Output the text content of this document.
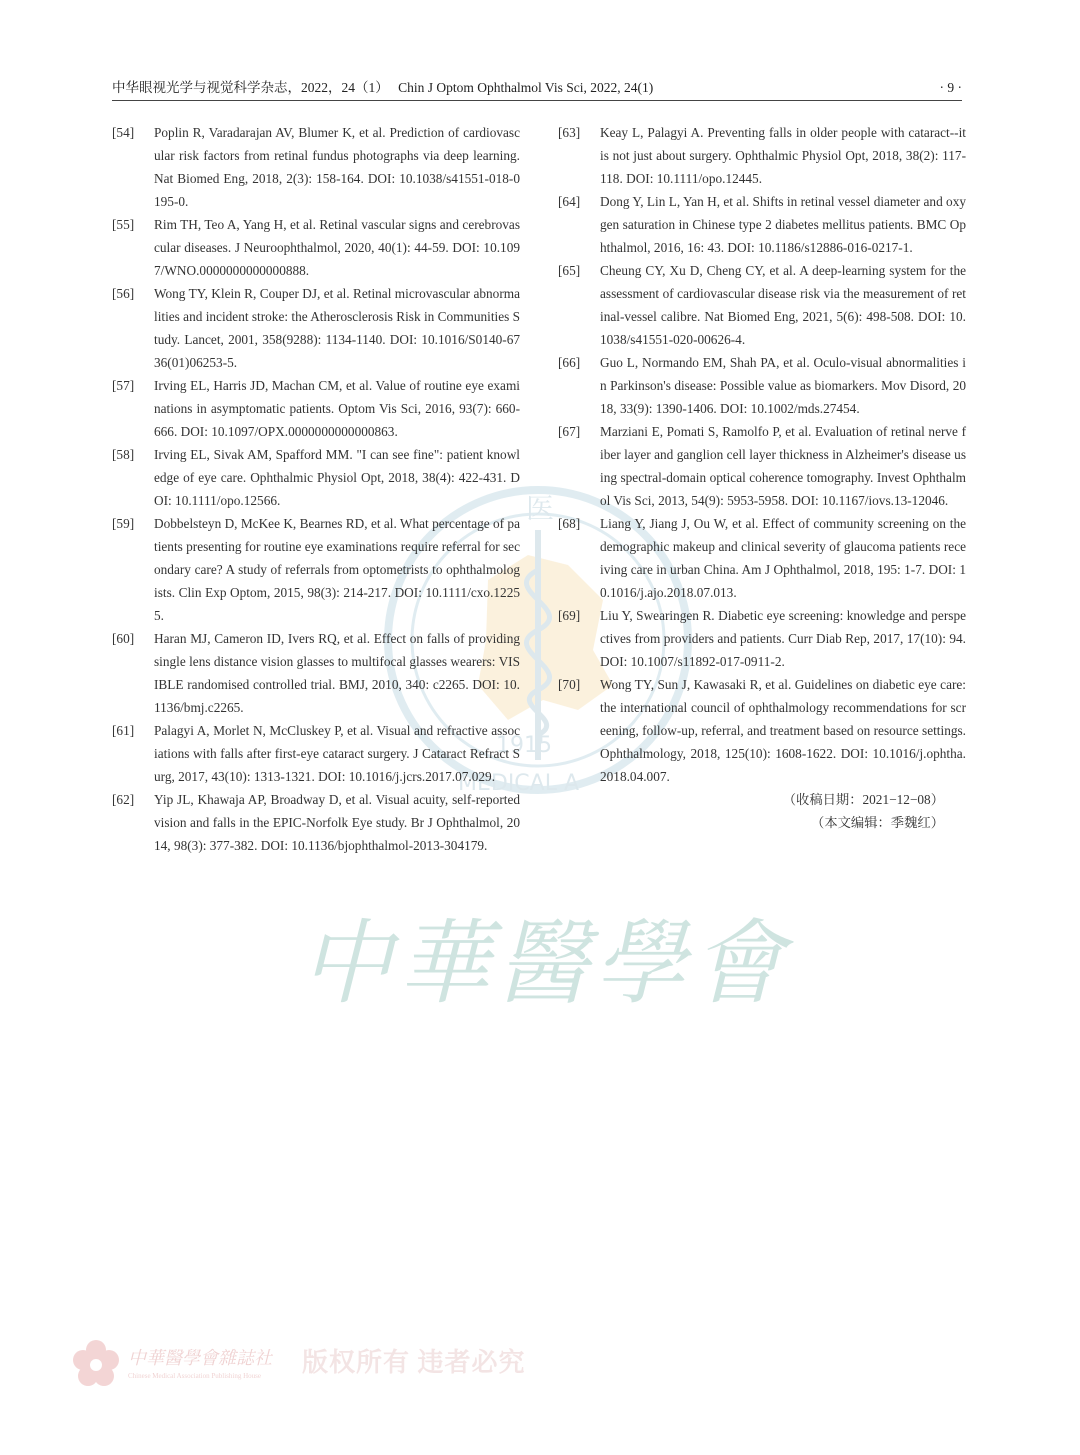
中华眼视光学与视觉科学杂志，2022，24（1） Chin J Optom Ophthalmol Vis Sci, 2022, 24(1)	· 9 ·
医
1915
MEDICAL A
[54]	Poplin R, Varadarajan AV, Blumer K, et al. Prediction of cardiovascular risk factors from retinal fundus photographs via deep learning. Nat Biomed Eng, 2018, 2(3): 158-164. DOI: 10.1038/s41551-018-0195-0.
[55]	Rim TH, Teo A, Yang H, et al. Retinal vascular signs and cerebrovascular diseases. J Neuroophthalmol, 2020, 40(1): 44-59. DOI: 10.1097/WNO.0000000000000888.
[56]	Wong TY, Klein R, Couper DJ, et al. Retinal microvascular abnormalities and incident stroke: the Atherosclerosis Risk in Communities Study. Lancet, 2001, 358(9288): 1134-1140. DOI: 10.1016/S0140-6736(01)06253-5.
[57]	Irving EL, Harris JD, Machan CM, et al. Value of routine eye examinations in asymptomatic patients. Optom Vis Sci, 2016, 93(7): 660-666. DOI: 10.1097/OPX.0000000000000863.
[58]	Irving EL, Sivak AM, Spafford MM. "I can see fine": patient knowledge of eye care. Ophthalmic Physiol Opt, 2018, 38(4): 422-431. DOI: 10.1111/opo.12566.
[59]	Dobbelsteyn D, McKee K, Bearnes RD, et al. What percentage of patients presenting for routine eye examinations require referral for secondary care? A study of referrals from optometrists to ophthalmologists. Clin Exp Optom, 2015, 98(3): 214-217. DOI: 10.1111/cxo.12255.
[60]	Haran MJ, Cameron ID, Ivers RQ, et al. Effect on falls of providing single lens distance vision glasses to multifocal glasses wearers: VISIBLE randomised controlled trial. BMJ, 2010, 340: c2265. DOI: 10.1136/bmj.c2265.
[61]	Palagyi A, Morlet N, McCluskey P, et al. Visual and refractive associations with falls after first-eye cataract surgery. J Cataract Refract Surg, 2017, 43(10): 1313-1321. DOI: 10.1016/j.jcrs.2017.07.029.
[62]	Yip JL, Khawaja AP, Broadway D, et al. Visual acuity, self-reported vision and falls in the EPIC-Norfolk Eye study. Br J Ophthalmol, 2014, 98(3): 377-382. DOI: 10.1136/bjophthalmol-2013-304179.
[63]	Keay L, Palagyi A. Preventing falls in older people with cataract--it is not just about surgery. Ophthalmic Physiol Opt, 2018, 38(2): 117-118. DOI: 10.1111/opo.12445.
[64]	Dong Y, Lin L, Yan H, et al. Shifts in retinal vessel diameter and oxygen saturation in Chinese type 2 diabetes mellitus patients. BMC Ophthalmol, 2016, 16: 43. DOI: 10.1186/s12886-016-0217-1.
[65]	Cheung CY, Xu D, Cheng CY, et al. A deep-learning system for the assessment of cardiovascular disease risk via the measurement of retinal-vessel calibre. Nat Biomed Eng, 2021, 5(6): 498-508. DOI: 10.1038/s41551-020-00626-4.
[66]	Guo L, Normando EM, Shah PA, et al. Oculo-visual abnormalities in Parkinson's disease: Possible value as biomarkers. Mov Disord, 2018, 33(9): 1390-1406. DOI: 10.1002/mds.27454.
[67]	Marziani E, Pomati S, Ramolfo P, et al. Evaluation of retinal nerve fiber layer and ganglion cell layer thickness in Alzheimer's disease using spectral-domain optical coherence tomography. Invest Ophthalmol Vis Sci, 2013, 54(9): 5953-5958. DOI: 10.1167/iovs.13-12046.
[68]	Liang Y, Jiang J, Ou W, et al. Effect of community screening on the demographic makeup and clinical severity of glaucoma patients receiving care in urban China. Am J Ophthalmol, 2018, 195: 1-7. DOI: 10.1016/j.ajo.2018.07.013.
[69]	Liu Y, Swearingen R. Diabetic eye screening: knowledge and perspectives from providers and patients. Curr Diab Rep, 2017, 17(10): 94. DOI: 10.1007/s11892-017-0911-2.
[70]	Wong TY, Sun J, Kawasaki R, et al. Guidelines on diabetic eye care: the international council of ophthalmology recommendations for screening, follow-up, referral, and treatment based on resource settings. Ophthalmology, 2018, 125(10): 1608-1622. DOI: 10.1016/j.ophtha.2018.04.007.
（收稿日期：2021−12−08）
（本文编辑：季魏红）
中華醫學會
中華醫學會雜誌社
Chinese Medical Association Publishing House 版权所有 违者必究
